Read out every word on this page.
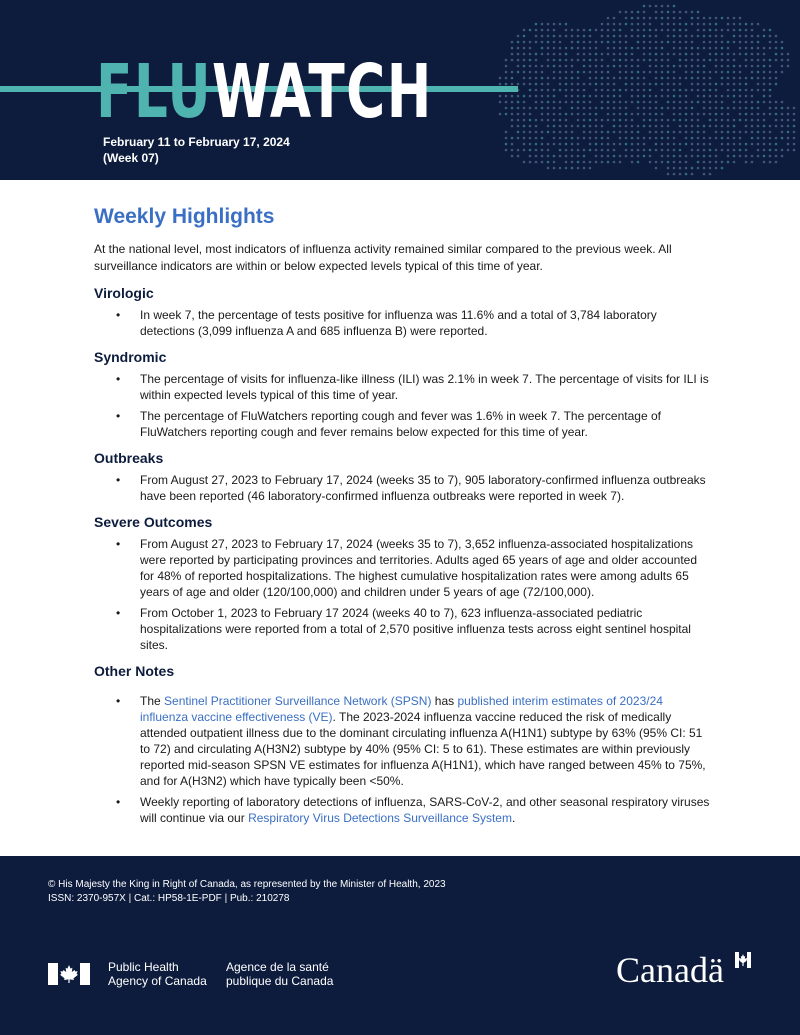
FLUWATCH
February 11 to February 17, 2024
(Week 07)
Weekly Highlights

At the national level, most indicators of influenza activity remained similar compared to the previous week. All surveillance indicators are within or below expected levels typical of this time of year.

Virologic
• In week 7, the percentage of tests positive for influenza was 11.6% and a total of 3,784 laboratory detections (3,099 influenza A and 685 influenza B) were reported.
Syndromic
• The percentage of visits for influenza-like illness (ILI) was 2.1% in week 7. The percentage of visits for ILI is within expected levels typical of this time of year.
• The percentage of FluWatchers reporting cough and fever was 1.6% in week 7. The percentage of FluWatchers reporting cough and fever remains below expected for this time of year.
Outbreaks
• From August 27, 2023 to February 17, 2024 (weeks 35 to 7), 905 laboratory-confirmed influenza outbreaks have been reported (46 laboratory-confirmed influenza outbreaks were reported in week 7).
Severe Outcomes
• From August 27, 2023 to February 17, 2024 (weeks 35 to 7), 3,652 influenza-associated hospitalizations were reported by participating provinces and territories. Adults aged 65 years of age and older accounted for 48% of reported hospitalizations. The highest cumulative hospitalization rates were among adults 65 years of age and older (120/100,000) and children under 5 years of age (72/100,000).
• From October 1, 2023 to February 17 2024 (weeks 40 to 7), 623 influenza-associated pediatric hospitalizations were reported from a total of 2,570 positive influenza tests across eight sentinel hospital sites.
Other Notes
• The Sentinel Practitioner Surveillance Network (SPSN) has published interim estimates of 2023/24 influenza vaccine effectiveness (VE). The 2023-2024 influenza vaccine reduced the risk of medically attended outpatient illness due to the dominant circulating influenza A(H1N1) subtype by 63% (95% CI: 51 to 72) and circulating A(H3N2) subtype by 40% (95% CI: 5 to 61). These estimates are within previously reported mid-season SPSN VE estimates for influenza A(H1N1), which have ranged between 45% to 75%, and for A(H3N2) which have typically been <50%.
• Weekly reporting of laboratory detections of influenza, SARS-CoV-2, and other seasonal respiratory viruses will continue via our Respiratory Virus Detections Surveillance System.
© His Majesty the King in Right of Canada, as represented by the Minister of Health, 2023
ISSN: 2370-957X | Cat.: HP58-1E-PDF | Pub.: 210278
Public Health
Agency of Canada
Agence de la santé
publique du Canada	Canadä
